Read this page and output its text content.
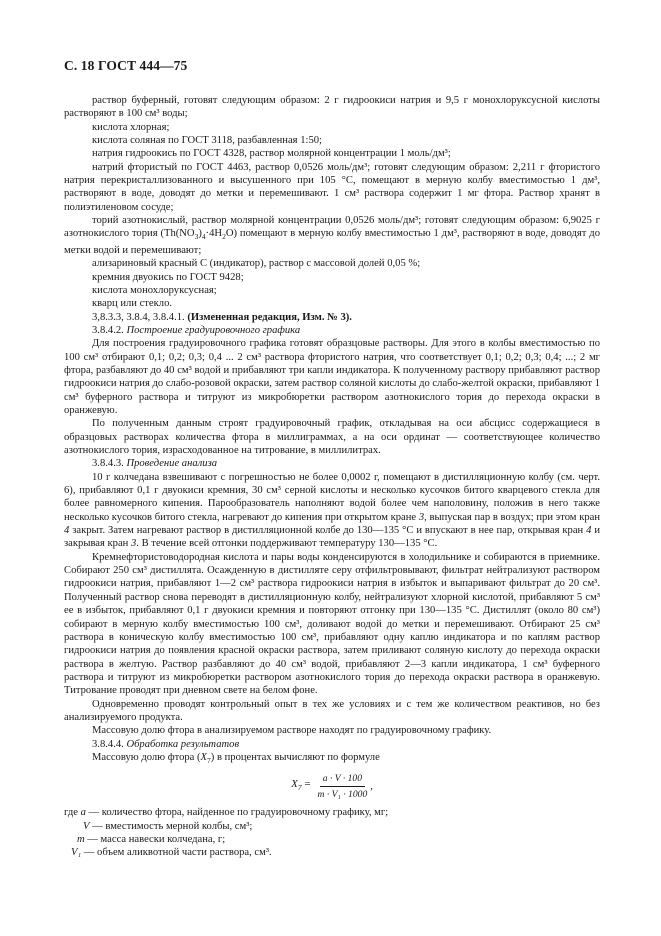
С. 18 ГОСТ 444—75

раствор буферный, готовят следующим образом: 2 г гидроокиси натрия и 9,5 г монохлоруксусной кислоты растворяют в 100 см³ воды;

кислота хлорная;

кислота соляная по ГОСТ 3118, разбавленная 1:50;

натрия гидроокись по ГОСТ 4328, раствор молярной концентрации 1 моль/дм³;

натрий фтористый по ГОСТ 4463, раствор 0,0526 моль/дм³; готовят следующим образом: 2,211 г фтористого натрия перекристаллизованного и высушенного при 105 °С, помещают в мерную колбу вместимостью 1 дм³, растворяют в воде, доводят до метки и перемешивают. 1 см³ раствора содержит 1 мг фтора. Раствор хранят в полиэтиленовом сосуде;

торий азотнокислый, раствор молярной концентрации 0,0526 моль/дм³; готовят следующим образом: 6,9025 г азотнокислого тория $(Th(NO_3)_4\cdot 4H_2O)$ помещают в мерную колбу вместимостью 1 дм³, растворяют в воде, доводят до метки водой и перемешивают;

ализариновый красный С (индикатор), раствор с массовой долей 0,05 %;

кремния двуокись по ГОСТ 9428;

кислота монохлоруксусная;

кварц или стекло.

3,8.3.3, 3.8.4, 3.8.4.1. (Измененная редакция, Изм. № 3).

3.8.4.2. Построение градуировочного графика

Для построения градуировочного графика готовят образцовые растворы. Для этого в колбы вместимостью по 100 см³ отбирают 0,1; 0,2; 0,3; 0,4 ... 2 см³ раствора фтористого натрия, что соответствует 0,1; 0,2; 0,3; 0,4; ...; 2 мг фтора, разбавляют до 40 см³ водой и прибавляют три капли индикатора. К полученному раствору прибавляют раствор гидроокиси натрия до слабо-розовой окраски, затем раствор соляной кислоты до слабо-желтой окраски, прибавляют 1 см³ буферного раствора и титруют из микробюретки раствором азотнокислого тория до перехода окраски в оранжевую.

По полученным данным строят градуировочный график, откладывая на оси абсцисс содержащиеся в образцовых растворах количества фтора в миллиграммах, а на оси ординат — соответствующее количество азотнокислого тория, израсходованное на титрование, в миллилитрах.

3.8.4.3. Проведение анализа

10 г колчедана взвешивают с погрешностью не более 0,0002 г, помещают в дистилляционную колбу (см. черт. 6), прибавляют 0,1 г двуокиси кремния, 30 см³ серной кислоты и несколько кусочков битого кварцевого стекла для более равномерного кипения. Парообразователь наполняют водой более чем наполовину, положив в него также несколько кусочков битого стекла, нагревают до кипения при открытом кране 3, выпуская пар в воздух; при этом кран 4 закрыт. Затем нагревают раствор в дистилляционной колбе до 130—135 °С и впускают в нее пар, открывая кран 4 и закрывая кран 3. В течение всей отгонки поддерживают температуру 130—135 °С.

Кремнефтористоводородная кислота и пары воды конденсируются в холодильнике и собираются в приемнике. Собирают 250 см³ дистиллята. Осажденную в дистилляте серу отфильтровывают, фильтрат нейтрализуют раствором гидроокиси натрия, прибавляют 1—2 см³ раствора гидроокиси натрия в избыток и выпаривают фильтрат до 20 см³. Полученный раствор снова переводят в дистилляционную колбу, нейтрализуют хлорной кислотой, прибавляют 5 см³ ее в избыток, прибавляют 0,1 г двуокиси кремния и повторяют отгонку при 130—135 °С. Дистиллят (около 80 см³) собирают в мерную колбу вместимостью 100 см³, доливают водой до метки и перемешивают. Отбирают 25 см³ раствора в коническую колбу вместимостью 100 см³, прибавляют одну каплю индикатора и по каплям раствор гидроокиси натрия до появления красной окраски раствора, затем приливают соляную кислоту до перехода окраски раствора в желтую. Раствор разбавляют до 40 см³ водой, прибавляют 2—3 капли индикатора, 1 см³ буферного раствора и титруют из микробюретки раствором азотнокислого тория до перехода окраски раствора в оранжевую. Титрование проводят при дневном свете на белом фоне.

Одновременно проводят контрольный опыт в тех же условиях и с тем же количеством реактивов, но без анализируемого продукта.

Массовую долю фтора в анализируемом растворе находят по градуировочному графику.

3.8.4.4. Обработка результатов

Массовую долю фтора $(X_7)$ в процентах вычисляют по формуле

$X_7 = \frac{a \cdot V \cdot 100}{\text{m · V₁ · 1000}}$ ,

где a — количество фтора, найденное по градуировочному графику, мг;

V — вместимость мерной колбы, см³;

m — масса навески колчедана, г;

V₁ — объем аликвотной части раствора, см³.
